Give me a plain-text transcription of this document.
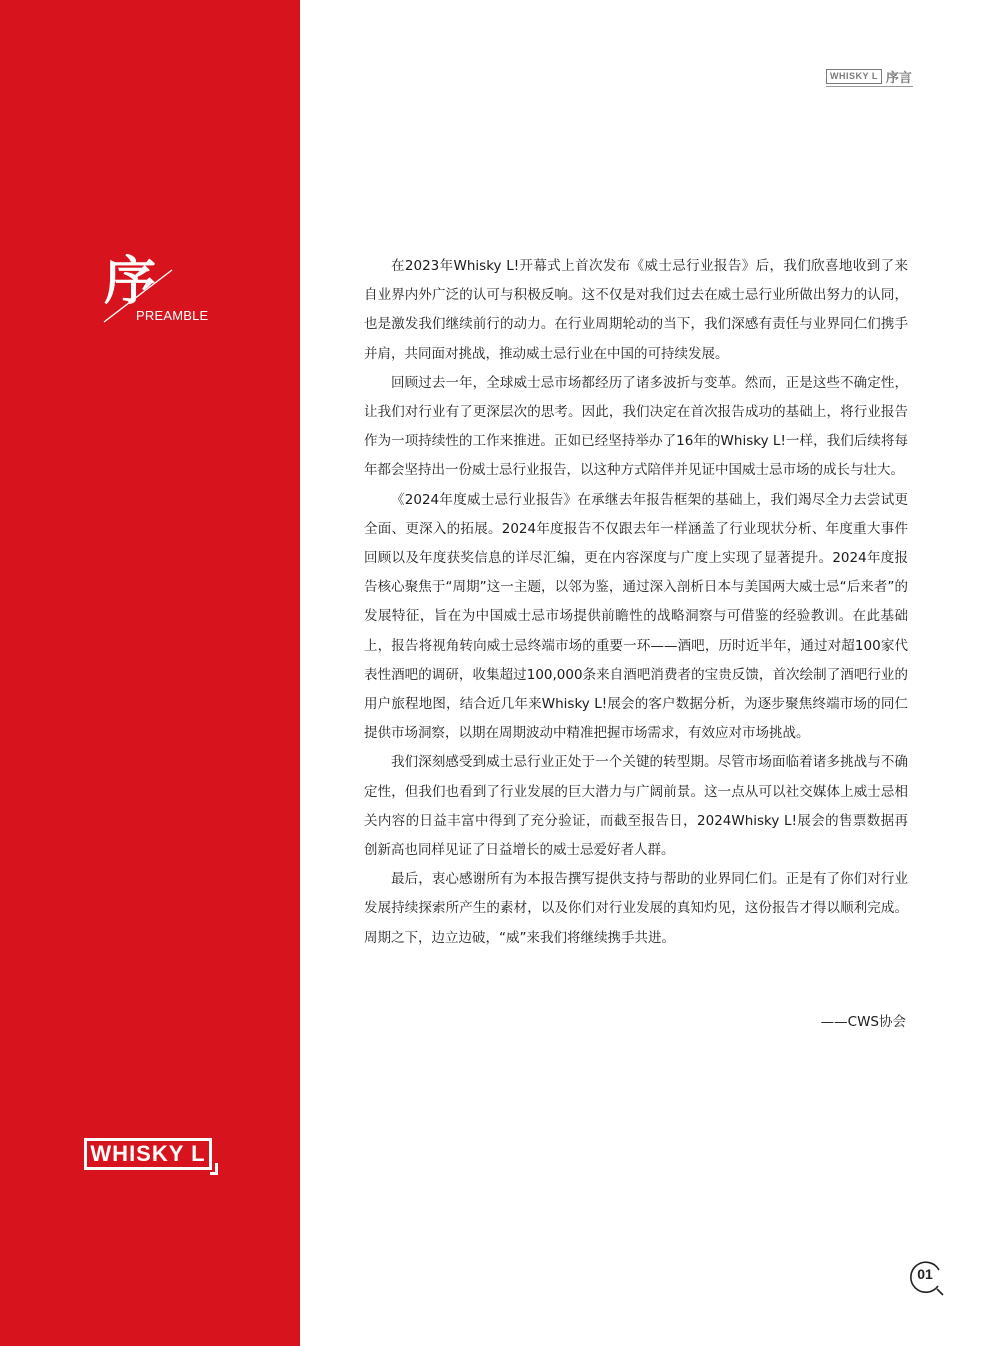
序
PREAMBLE
WHISKY L
WHISKY L 序言

在2023年Whisky L!开幕式上首次发布《威士忌行业报告》后，我们欣喜地收到了来自业界内外广泛的认可与积极反响。这不仅是对我们过去在威士忌行业所做出努力的认同，也是激发我们继续前行的动力。在行业周期轮动的当下，我们深感有责任与业界同仁们携手并肩，共同面对挑战，推动威士忌行业在中国的可持续发展。

回顾过去一年，全球威士忌市场都经历了诸多波折与变革。然而，正是这些不确定性，让我们对行业有了更深层次的思考。因此，我们决定在首次报告成功的基础上，将行业报告作为一项持续性的工作来推进。正如已经坚持举办了16年的Whisky L!一样，我们后续将每年都会坚持出一份威士忌行业报告，以这种方式陪伴并见证中国威士忌市场的成长与壮大。

《2024年度威士忌行业报告》在承继去年报告框架的基础上，我们竭尽全力去尝试更全面、更深入的拓展。2024年度报告不仅跟去年一样涵盖了行业现状分析、年度重大事件回顾以及年度获奖信息的详尽汇编，更在内容深度与广度上实现了显著提升。2024年度报告核心聚焦于“周期”这一主题，以邻为鉴，通过深入剖析日本与美国两大威士忌“后来者”的发展特征，旨在为中国威士忌市场提供前瞻性的战略洞察与可借鉴的经验教训。在此基础上，报告将视角转向威士忌终端市场的重要一环——酒吧，历时近半年，通过对超100家代表性酒吧的调研，收集超过100,000条来自酒吧消费者的宝贵反馈，首次绘制了酒吧行业的用户旅程地图，结合近几年来Whisky L!展会的客户数据分析，为逐步聚焦终端市场的同仁提供市场洞察，以期在周期波动中精准把握市场需求，有效应对市场挑战。

我们深刻感受到威士忌行业正处于一个关键的转型期。尽管市场面临着诸多挑战与不确定性，但我们也看到了行业发展的巨大潜力与广阔前景。这一点从可以社交媒体上威士忌相关内容的日益丰富中得到了充分验证，而截至报告日，2024Whisky L!展会的售票数据再创新高也同样见证了日益增长的威士忌爱好者人群。

最后，衷心感谢所有为本报告撰写提供支持与帮助的业界同仁们。正是有了你们对行业发展持续探索所产生的素材，以及你们对行业发展的真知灼见，这份报告才得以顺利完成。周期之下，边立边破，“威”来我们将继续携手共进。

——CWS协会
01
